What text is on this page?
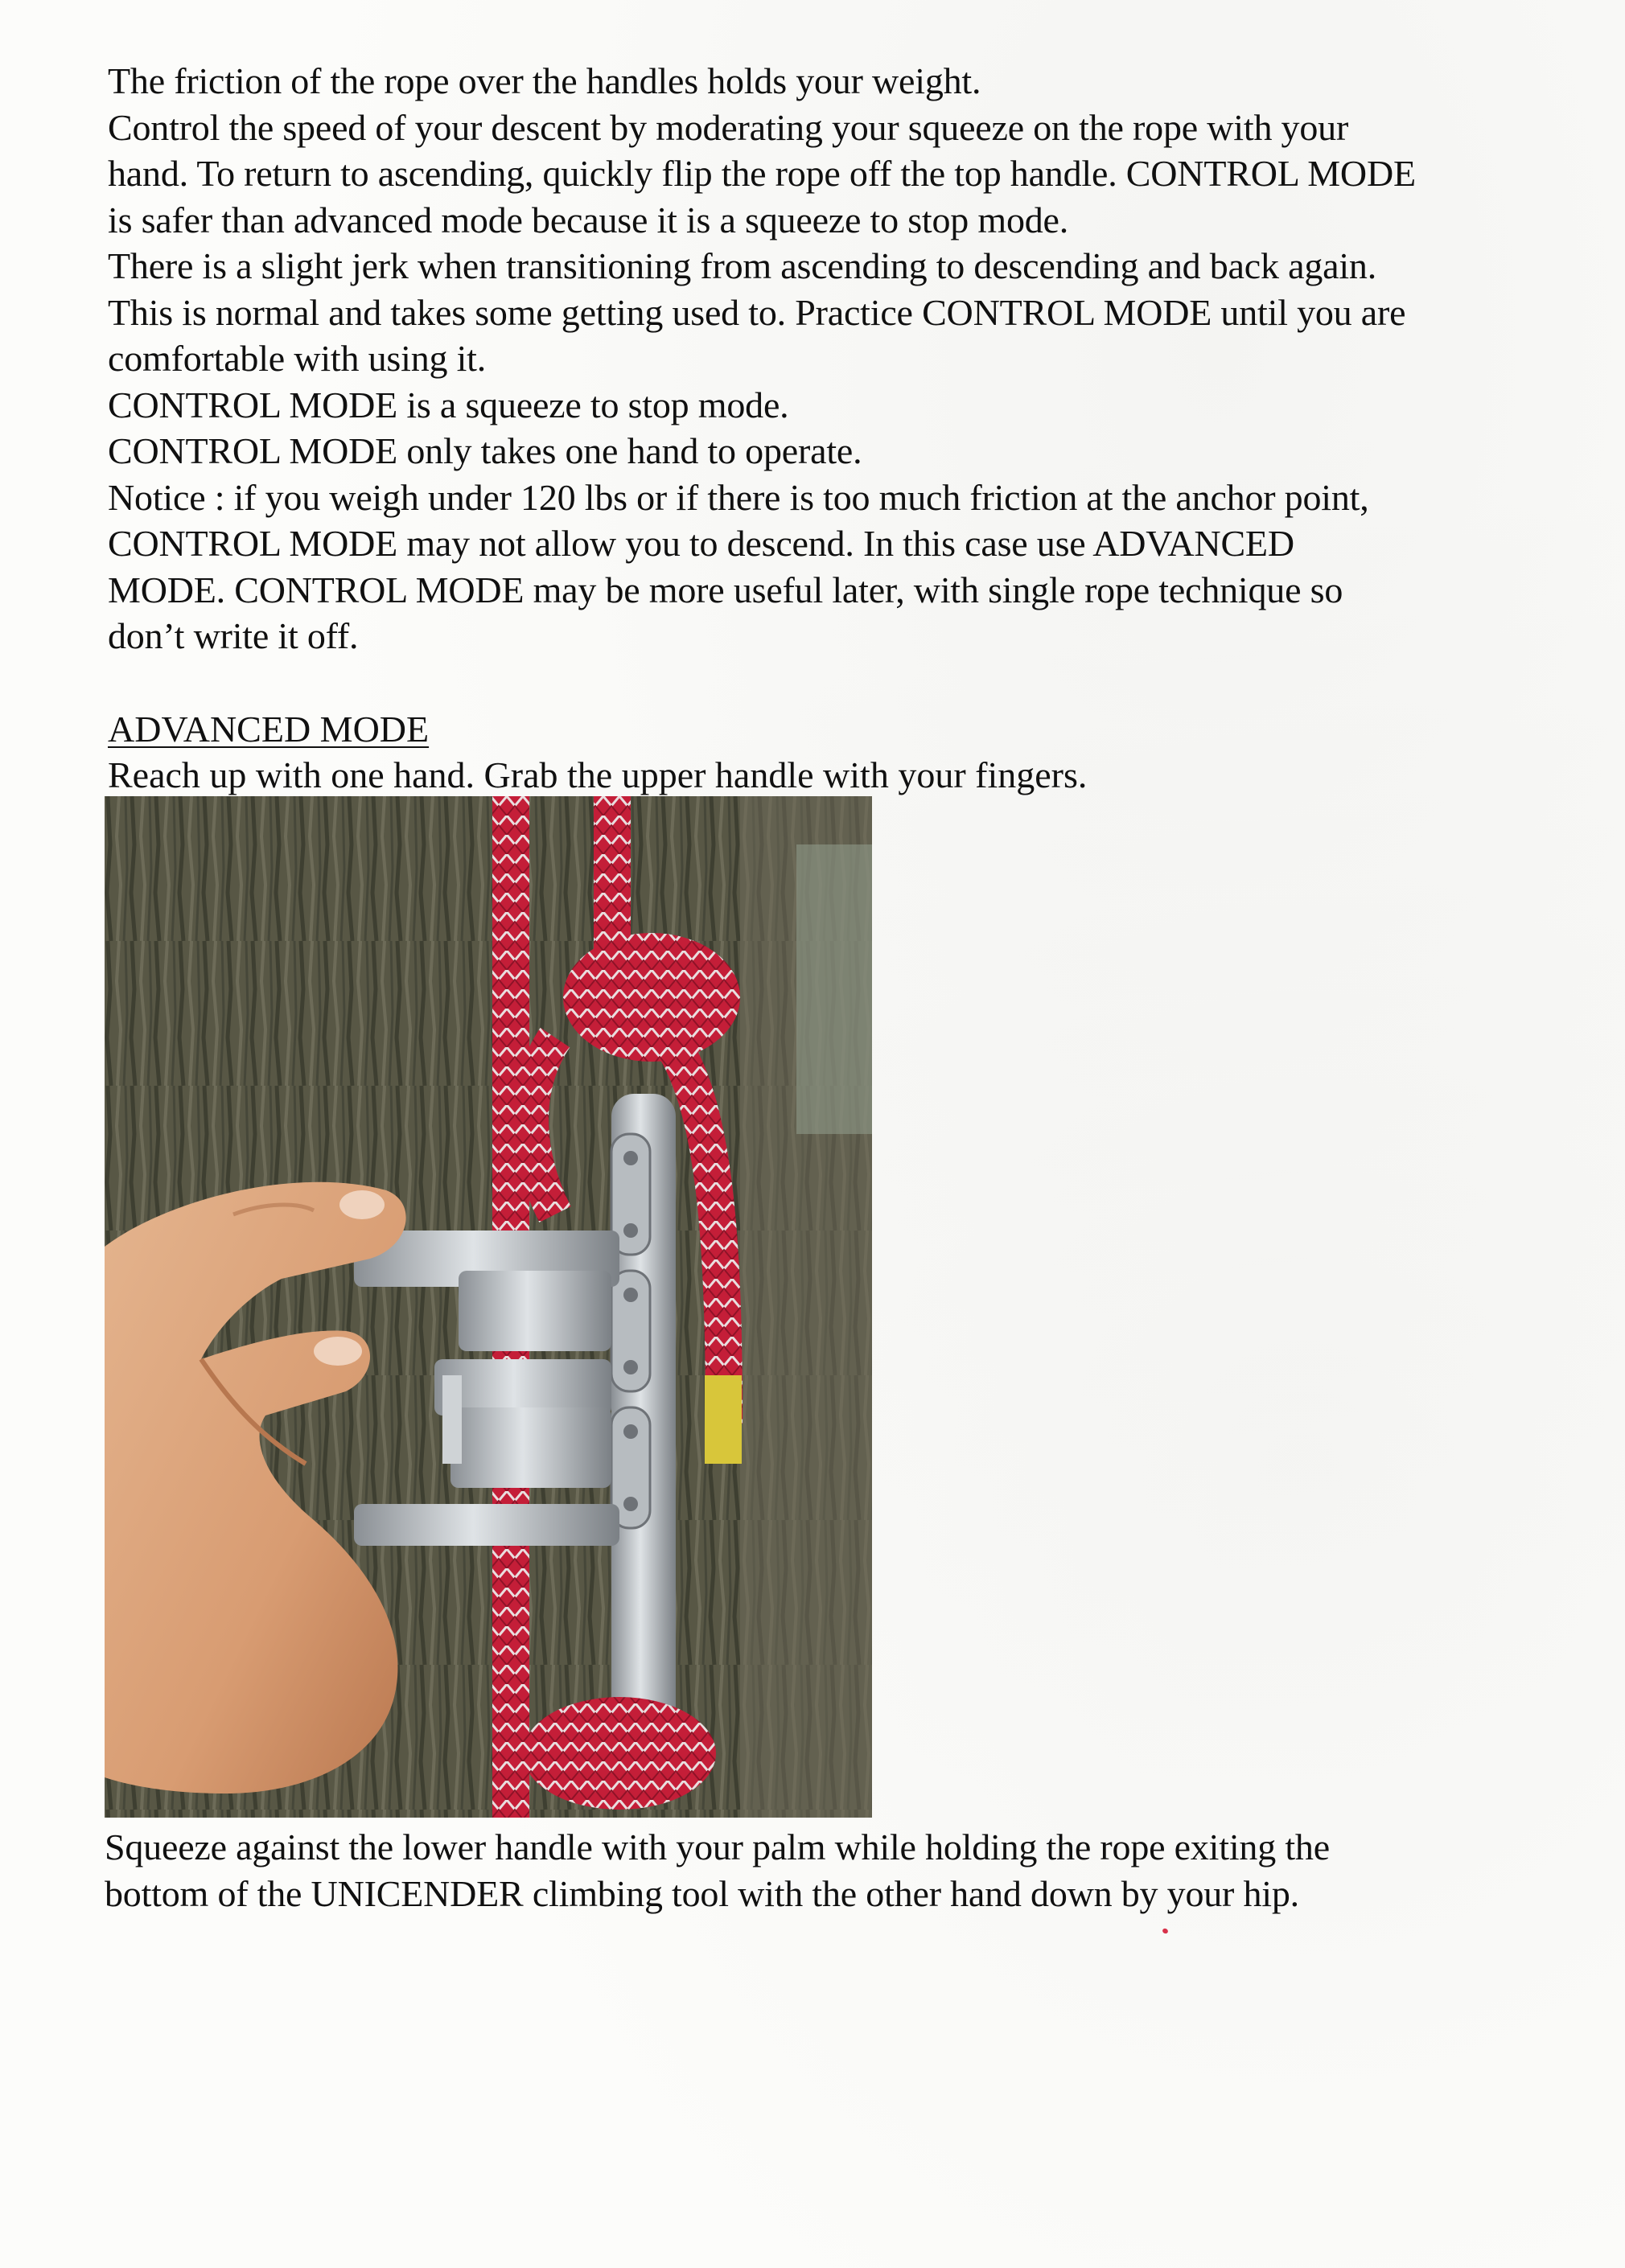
The friction of the rope over the handles holds your weight.
Control the speed of your descent by moderating your squeeze on the rope with your
hand. To return to ascending, quickly flip the rope off the top handle. CONTROL MODE
is safer than advanced mode because it is a squeeze to stop mode.
There is a slight jerk when transitioning from ascending to descending and back again.
This is normal and takes some getting used to. Practice CONTROL MODE until you are
comfortable with using it.
CONTROL MODE is a squeeze to stop mode.
CONTROL MODE only takes one hand to operate.
Notice : if you weigh under 120 lbs or if there is too much friction at the anchor point,
CONTROL MODE may not allow you to descend. In this case use ADVANCED
MODE. CONTROL MODE may be more useful later, with single rope technique so
don’t write it off.
ADVANCED MODE
Reach up with one hand. Grab the upper handle with your fingers.
Squeeze against the lower handle with your palm while holding the rope exiting the
bottom of the UNICENDER climbing tool with the other hand down by your hip.
